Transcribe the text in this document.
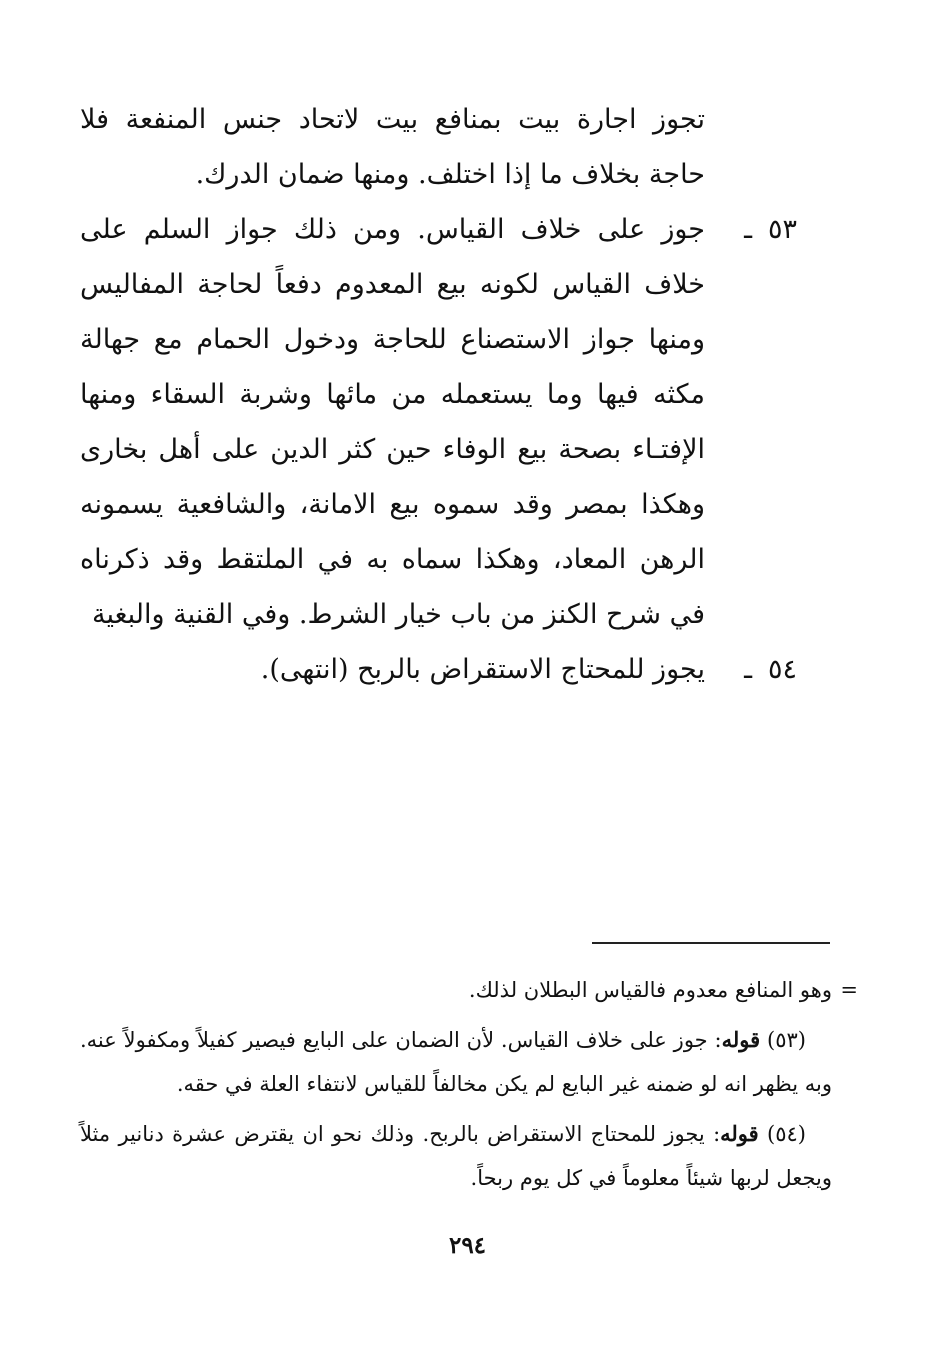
تجوز اجارة بيت بمنافع بيت لاتحاد جنس المنفعة فلا حاجة بخلاف ما إذا اختلف. ومنها ضمان الدرك.

٥٣ـ
جوز على خلاف القياس. ومن ذلك جواز السلم على خلاف القياس لكونه بيع المعدوم دفعاً لحاجة المفاليس ومنها جواز الاستصناع للحاجة ودخول الحمام مع جهالة مكثه فيها وما يستعمله من مائها وشربة السقاء ومنها الإفتـاء بصحة بيع الوفاء حين كثر الدين على أهل بخارى وهكذا بمصر وقد سموه بيع الامانة، والشافعية يسمونه الرهن المعاد، وهكذا سماه به في الملتقط وقد ذكرناه في شرح الكنز من باب خيار الشرط. وفي القنية والبغية

٥٤ـ
يجوز للمحتاج الاستقراض بالربح (انتهى).

=
وهو المنافع معدوم فالقياس البطلان لذلك.

(٥٣) قوله: جوز على خلاف القياس. لأن الضمان على البايع فيصير كفيلاً ومكفولاً عنه. وبه يظهر انه لو ضمنه غير البايع لم يكن مخالفاً للقياس لانتفاء العلة في حقه.

(٥٤) قوله: يجوز للمحتاج الاستقراض بالربح. وذلك نحو ان يقترض عشرة دنانير مثلاً ويجعل لربها شيئاً معلوماً في كل يوم ربحاً.

٢٩٤
